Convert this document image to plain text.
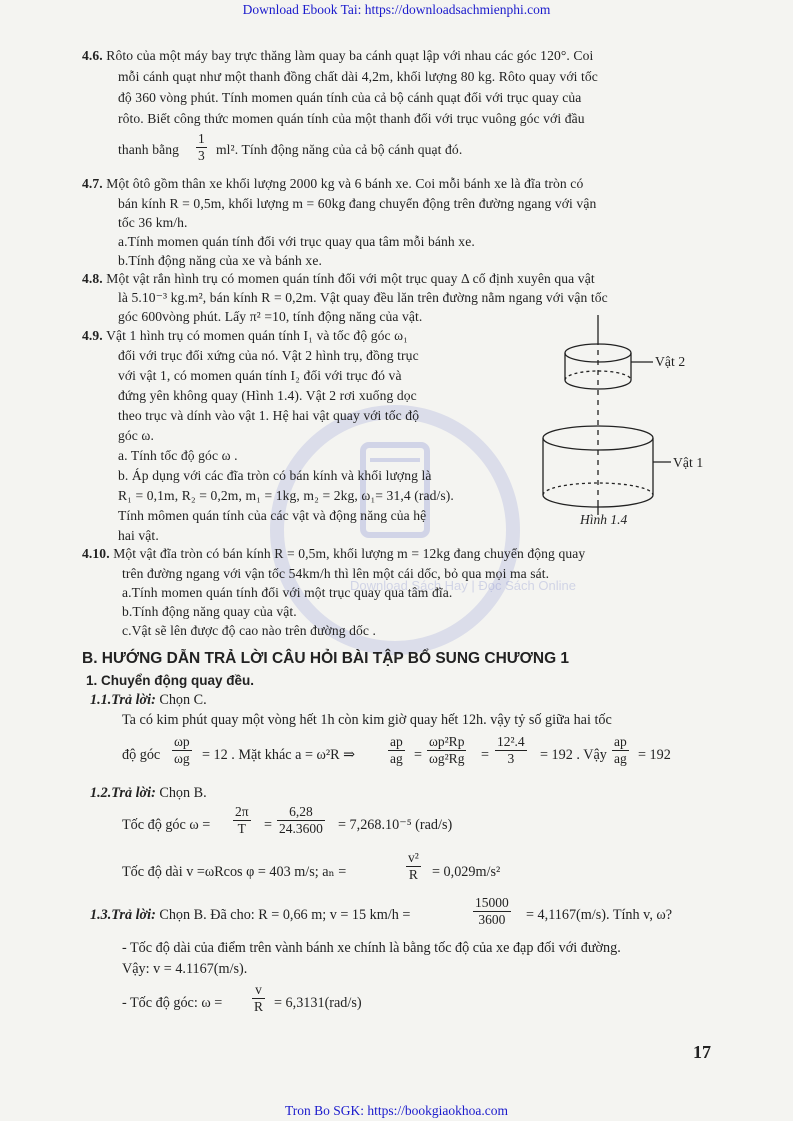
Download Ebook Tai: https://downloadsachmienphi.com
Download Sách Hay | Đọc Sách Online
4.6. Rôto của một máy bay trực thăng làm quay ba cánh quạt lập với nhau các góc 120°. Coi
mỗi cánh quạt như một thanh đồng chất dài 4,2m, khối lượng 80 kg. Rôto quay với tốc
độ 360 vòng phút. Tính momen quán tính của cả bộ cánh quạt đối với trục quay của
rôto. Biết công thức momen quán tính của một thanh đối với trục vuông góc với đầu
thanh bằng $\frac{1}{3} ml^2$. Tính động năng của cả bộ cánh quạt đó.
4.7. Một ôtô gồm thân xe khối lượng 2000 kg và 6 bánh xe. Coi mỗi bánh xe là đĩa tròn có
bán kính R = 0,5m, khối lượng m = 60kg đang chuyển động trên đường ngang với vận
tốc 36 km/h.
a.Tính momen quán tính đối với trục quay qua tâm mỗi bánh xe.
b.Tính động năng của xe và bánh xe.
4.8. Một vật rắn hình trụ có momen quán tính đối với một trục quay Δ cố định xuyên qua vật
là 5.10⁻³ kg.m², bán kính R = 0,2m. Vật quay đều lăn trên đường nằm ngang với vận tốc
góc 600vòng phút. Lấy π² =10, tính động năng của vật.
4.9. Vật 1 hình trụ có momen quán tính I₁ và tốc độ góc ω₁
đối với trục đối xứng của nó. Vật 2 hình trụ, đồng trục
với vật 1, có momen quán tính I₂ đối với trục đó và
đứng yên không quay (Hình 1.4). Vật 2 rơi xuống dọc
theo trục và dính vào vật 1. Hệ hai vật quay với tốc độ
góc ω.
a. Tính tốc độ góc ω .
b. Áp dụng với các đĩa tròn có bán kính và khối lượng là
R₁ = 0,1m, R₂ = 0,2m, m₁ = 1kg, m₂ = 2kg, ω₁= 31,4 (rad/s).
Tính mômen quán tính của các vật và động năng của hệ
hai vật.
Vật 2
Vật 1
Hình 1.4
4.10. Một vật đĩa tròn có bán kính R = 0,5m, khối lượng m = 12kg đang chuyển động quay
trên đường ngang với vận tốc 54km/h thì lên một cái dốc, bỏ qua mọi ma sát.
a.Tính momen quán tính đối với một trục quay qua tâm đĩa.
b.Tính động năng quay của vật.
c.Vật sẽ lên được độ cao nào trên đường dốc .
B. HƯỚNG DẪN TRẢ LỜI CÂU HỎI BÀI TẬP BỔ SUNG CHƯƠNG 1
1. Chuyển động quay đều.
1.1.Trả lời: Chọn C.
Ta có kim phút quay một vòng hết 1h còn kim giờ quay hết 12h. vậy tỷ số giữa hai tốc
độ góc $\frac{\omega p}{\omega g} = 12$ . Mặt khác a = ω²R ⇒ $\frac{ap}{ag} = \frac{\text{ωp²Rp}}{\text{ωg²Rg}} = \frac{\text{12².4}}{3} = 192$ . Vậy $\frac{ap}{ag} = 192$
1.2.Trả lời: Chọn B.
Tốc độ góc $\omega = \frac{2\pi}{T} = \frac{6,28}{24.3600} = 7,268.10^{-5}$ (rad/s)
Tốc độ dài v =ωRcos φ = 403 m/s; aₙ =	$\frac{\text{v²}}{R} = 0,029m/s^2$
1.3.Trả lời: Chọn B. Đã cho: R = 0,66 m; v = 15 km/h =	$\frac{15000}{3600} = 4,1167(m/s)$. Tính v, ω?
- Tốc độ dài của điểm trên vành bánh xe chính là bằng tốc độ của xe đạp đối với đường.
Vậy: v = 4.1167(m/s).
- Tốc độ góc: $\omega = \frac{v}{R} = 6,3131(rad/s)$
17
Tron Bo SGK: https://bookgiaokhoa.com
